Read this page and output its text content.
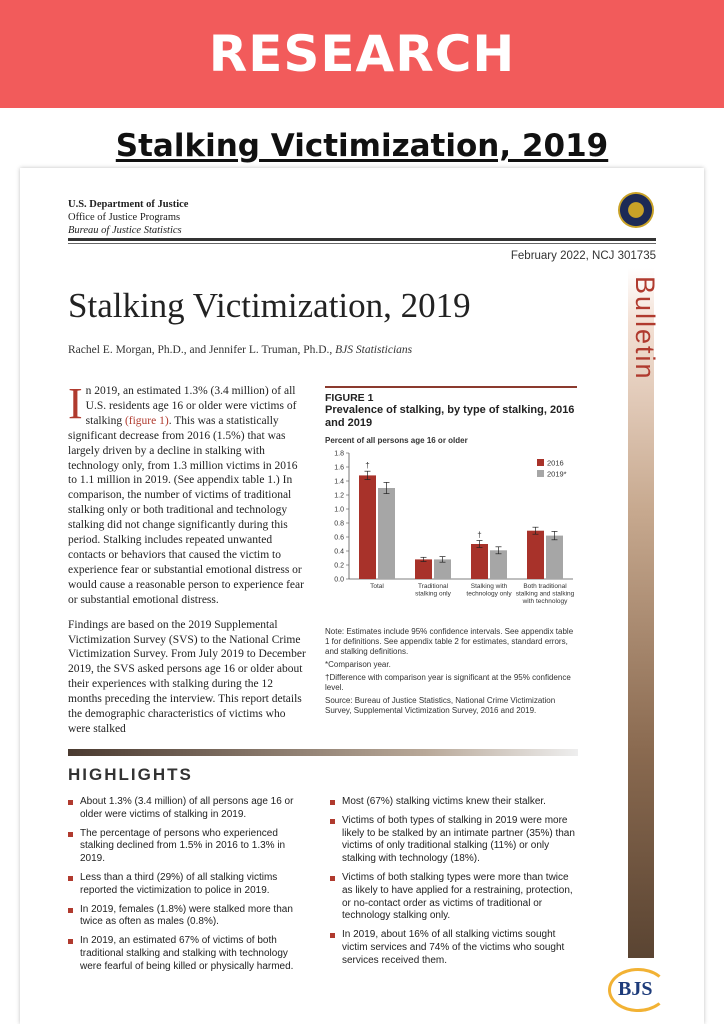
RESEARCH
Stalking Victimization, 2019
U.S. Department of Justice
Office of Justice Programs
Bureau of Justice Statistics
February 2022, NCJ 301735
Stalking Victimization, 2019
Rachel E. Morgan, Ph.D., and Jennifer L. Truman, Ph.D., BJS Statisticians	Bulletin

In 2019, an estimated 1.3% (3.4 million) of all U.S. residents age 16 or older were victims of stalking (figure 1). This was a statistically significant decrease from 2016 (1.5%) that was largely driven by a decline in stalking with technology only, from 1.3 million victims in 2016 to 1.1 million in 2019. (See appendix table 1.) In comparison, the number of victims of traditional stalking only or both traditional and technology stalking did not change significantly during this period. Stalking includes repeated unwanted contacts or behaviors that caused the victim to experience fear or substantial emotional distress or would cause a reasonable person to experience fear or substantial emotional distress.

Findings are based on the 2019 Supplemental Victimization Survey (SVS) to the National Crime Victimization Survey. From July 2019 to December 2019, the SVS asked persons age 16 or older about their experiences with stalking during the 12 months preceding the interview. This report details the demographic characteristics of victims who were stalked

FIGURE 1
Prevalence of stalking, by type of stalking, 2016 and 2019
Percent of all persons age 16 or older
0.0
0.2
0.4
0.6
0.8
1.0
1.2
1.4
1.6
1.8
†
Total	Traditional stalking only
†
Stalking with technology only
Both traditional stalking and stalking with technology
2016
2019*
Note: Estimates include 95% confidence intervals. See appendix table 1 for definitions. See appendix table 2 for estimates, standard errors, and stalking definitions.
*Comparison year.
†Difference with comparison year is significant at the 95% confidence level.
Source: Bureau of Justice Statistics, National Crime Victimization Survey, Supplemental Victimization Survey, 2016 and 2019.
HIGHLIGHTS
About 1.3% (3.4 million) of all persons age 16 or older were victims of stalking in 2019.
The percentage of persons who experienced stalking declined from 1.5% in 2016 to 1.3% in 2019.
Less than a third (29%) of all stalking victims reported the victimization to police in 2019.
In 2019, females (1.8%) were stalked more than twice as often as males (0.8%).
In 2019, an estimated 67% of victims of both traditional stalking and stalking with technology were fearful of being killed or physically harmed.
Most (67%) stalking victims knew their stalker.
Victims of both types of stalking in 2019 were more likely to be stalked by an intimate partner (35%) than victims of only traditional stalking (11%) or only stalking with technology (18%).
Victims of both stalking types were more than twice as likely to have applied for a restraining, protection, or no-contact order as victims of traditional or technology stalking only.
In 2019, about 16% of all stalking victims sought victim services and 74% of the victims who sought services received them.
BJS
